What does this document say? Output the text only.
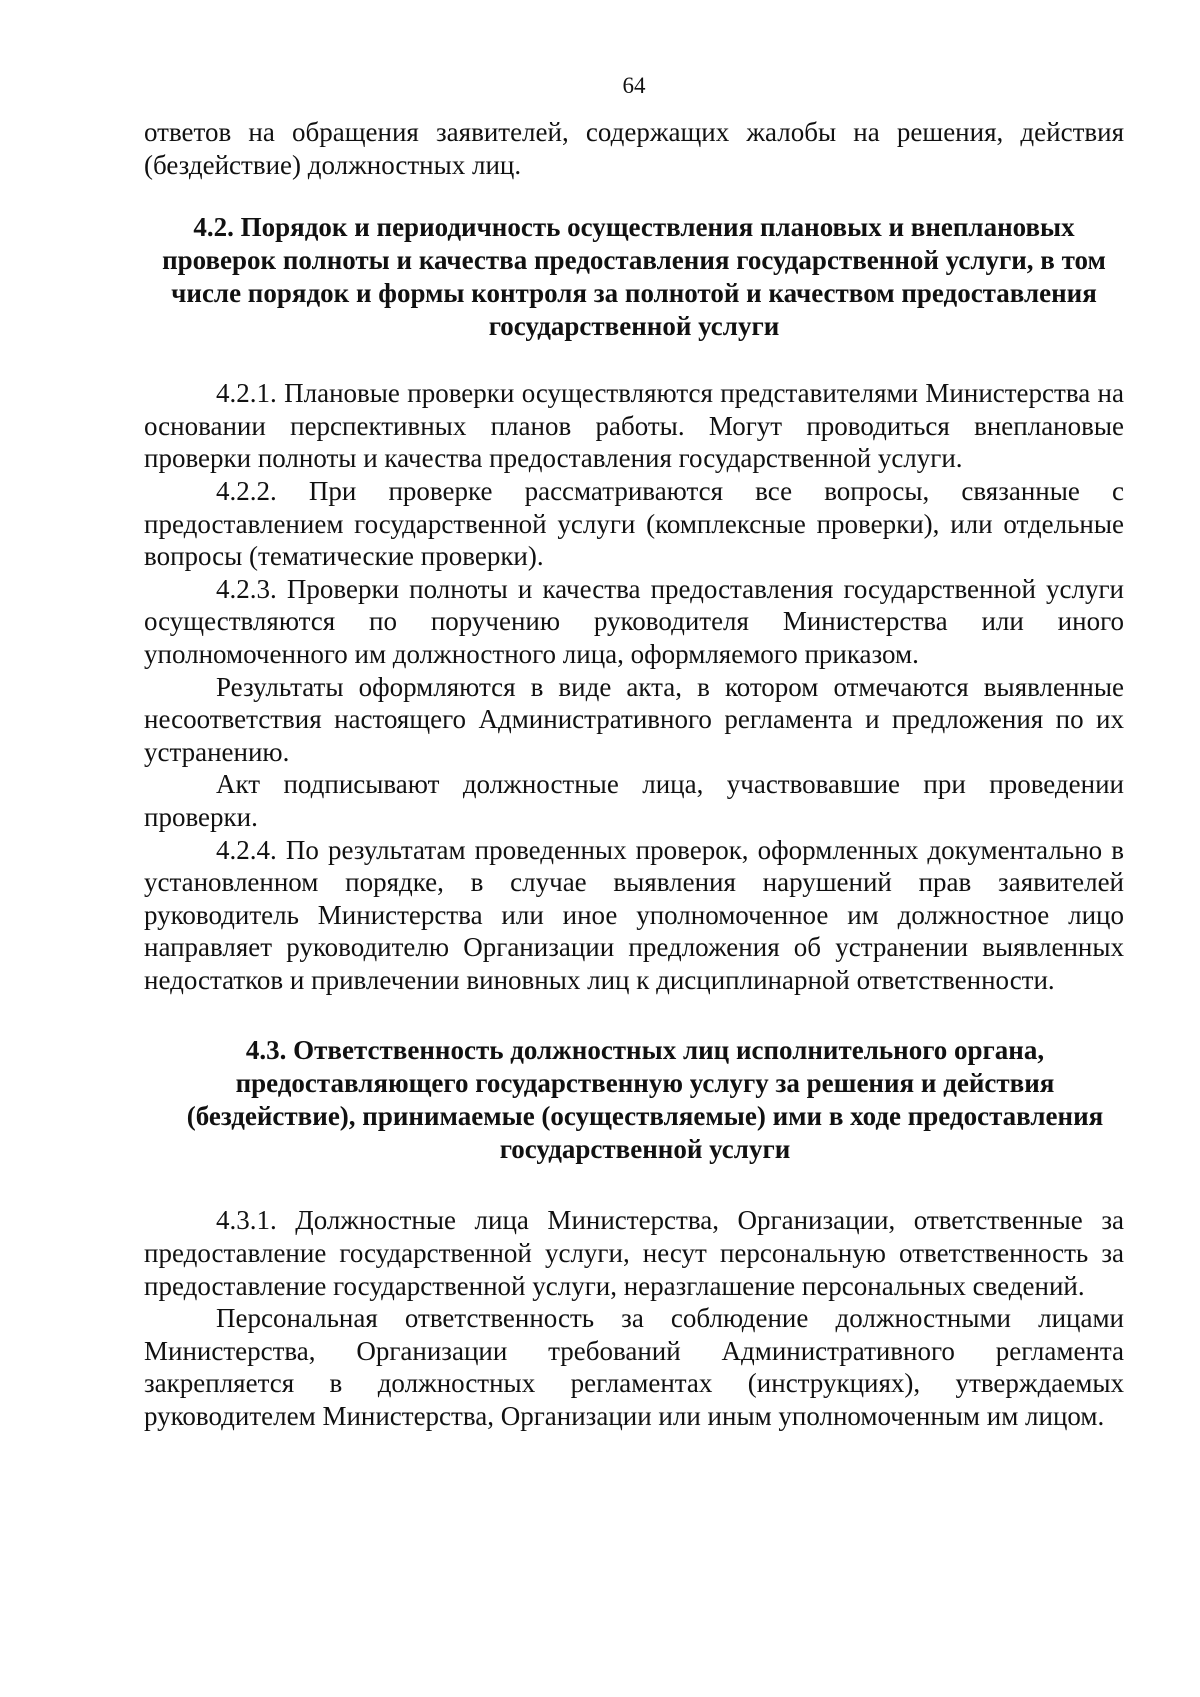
64

ответов на обращения заявителей, содержащих жалобы на решения, действия (бездействие) должностных лиц.

4.2. Порядок и периодичность осуществления плановых и внеплановых проверок полноты и качества предоставления государственной услуги, в том числе порядок и формы контроля за полнотой и качеством предоставления государственной услуги

4.2.1. Плановые проверки осуществляются представителями Министерства на основании перспективных планов работы. Могут проводиться внеплановые проверки полноты и качества предоставления государственной услуги.

4.2.2. При проверке рассматриваются все вопросы, связанные с предоставлением государственной услуги (комплексные проверки), или отдельные вопросы (тематические проверки).

4.2.3. Проверки полноты и качества предоставления государственной услуги осуществляются по поручению руководителя Министерства или иного уполномоченного им должностного лица, оформляемого приказом.

Результаты оформляются в виде акта, в котором отмечаются выявленные несоответствия настоящего Административного регламента и предложения по их устранению.

Акт подписывают должностные лица, участвовавшие при проведении проверки.

4.2.4. По результатам проведенных проверок, оформленных документально в установленном порядке, в случае выявления нарушений прав заявителей руководитель Министерства или иное уполномоченное им должностное лицо направляет руководителю Организации предложения об устранении выявленных недостатков и привлечении виновных лиц к дисциплинарной ответственности.

4.3. Ответственность должностных лиц исполнительного органа, предоставляющего государственную услугу за решения и действия (бездействие), принимаемые (осуществляемые) ими в ходе предоставления государственной услуги

4.3.1. Должностные лица Министерства, Организации, ответственные за предоставление государственной услуги, несут персональную ответственность за предоставление государственной услуги, неразглашение персональных сведений.

Персональная ответственность за соблюдение должностными лицами Министерства, Организации требований Административного регламента закрепляется в должностных регламентах (инструкциях), утверждаемых руководителем Министерства, Организации или иным уполномоченным им лицом.
